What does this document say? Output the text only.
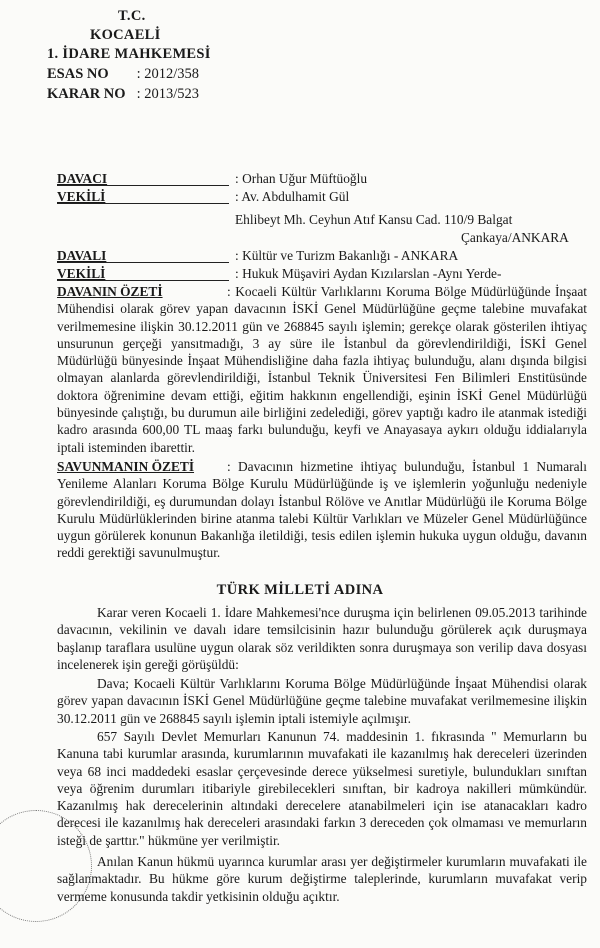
T.C.
KOCAELİ
1. İDARE MAHKEMESİ
ESAS NO : 2012/358
KARAR NO : 2013/523
DAVACI	: Orhan Uğur Müftüoğlu
VEKİLİ	: Av. Abdulhamit Gül
Ehlibeyt Mh. Ceyhun Atıf Kansu Cad. 110/9 Balgat
Çankaya/ANKARA
DAVALI	: Kültür ve Turizm Bakanlığı - ANKARA
VEKİLİ	: Hukuk Müşaviri Aydan Kızılarslan -Aynı Yerde-
DAVANIN ÖZETİ	: Kocaeli Kültür Varlıklarını Koruma Bölge Müdürlüğünde İnşaat Mühendisi olarak görev yapan davacının İSKİ Genel Müdürlüğüne geçme talebine muvafakat verilmemesine ilişkin 30.12.2011 gün ve 268845 sayılı işlemin; gerekçe olarak gösterilen ihtiyaç unsurunun gerçeği yansıtmadığı, 3 ay süre ile İstanbul da görevlendirildiği, İSKİ Genel Müdürlüğü bünyesinde İnşaat Mühendisliğine daha fazla ihtiyaç bulunduğu, alanı dışında bilgisi olmayan alanlarda görevlendirildiği, İstanbul Teknik Üniversitesi Fen Bilimleri Enstitüsünde doktora öğrenimine devam ettiği, eğitim hakkının engellendiği, eşinin İSKİ Genel Müdürlüğü bünyesinde çalıştığı, bu durumun aile birliğini zedelediği, görev yaptığı kadro ile atanmak istediği kadro arasında 600,00 TL maaş farkı bulunduğu, keyfi ve Anayasaya aykırı olduğu iddialarıyla iptali isteminden ibarettir.
SAVUNMANIN ÖZETİ : Davacının hizmetine ihtiyaç bulunduğu, İstanbul 1 Numaralı Yenileme Alanları Koruma Bölge Kurulu Müdürlüğünde iş ve işlemlerin yoğunluğu nedeniyle görevlendirildiği, eş durumundan dolayı İstanbul Rölöve ve Anıtlar Müdürlüğü ile Koruma Bölge Kurulu Müdürlüklerinden birine atanma talebi Kültür Varlıkları ve Müzeler Genel Müdürlüğünce uygun görülerek konunun Bakanlığa iletildiği, tesis edilen işlemin hukuka uygun olduğu, davanın reddi gerektiği savunulmuştur.
TÜRK MİLLETİ ADINA
Karar veren Kocaeli 1. İdare Mahkemesi'nce duruşma için belirlenen 09.05.2013 tarihinde davacının, vekilinin ve davalı idare temsilcisinin hazır bulunduğu görülerek açık duruşmaya başlanıp taraflara usulüne uygun olarak söz verildikten sonra duruşmaya son verilip dava dosyası incelenerek işin gereği görüşüldü:
Dava; Kocaeli Kültür Varlıklarını Koruma Bölge Müdürlüğünde İnşaat Mühendisi olarak görev yapan davacının İSKİ Genel Müdürlüğüne geçme talebine muvafakat verilmemesine ilişkin 30.12.2011 gün ve 268845 sayılı işlemin iptali istemiyle açılmışır.
657 Sayılı Devlet Memurları Kanunun 74. maddesinin 1. fıkrasında " Memurların bu Kanuna tabi kurumlar arasında, kurumlarının muvafakati ile kazanılmış hak dereceleri üzerinden veya 68 inci maddedeki esaslar çerçevesinde derece yükselmesi suretiyle, bulundukları sınıftan veya öğrenim durumları itibariyle girebilecekleri sınıftan, bir kadroya nakilleri mümkündür. Kazanılmış hak derecelerinin altındaki derecelere atanabilmeleri için ise atanacakları kadro derecesi ile kazanılmış hak dereceleri arasındaki farkın 3 dereceden çok olmaması ve memurların isteği de şarttır." hükmüne yer verilmiştir.
Anılan Kanun hükmü uyarınca kurumlar arası yer değiştirmeler kurumların muvafakati ile sağlanmaktadır. Bu hükme göre kurum değiştirme taleplerinde, kurumların muvafakat verip vermeme konusunda takdir yetkisinin olduğu açıktır.
